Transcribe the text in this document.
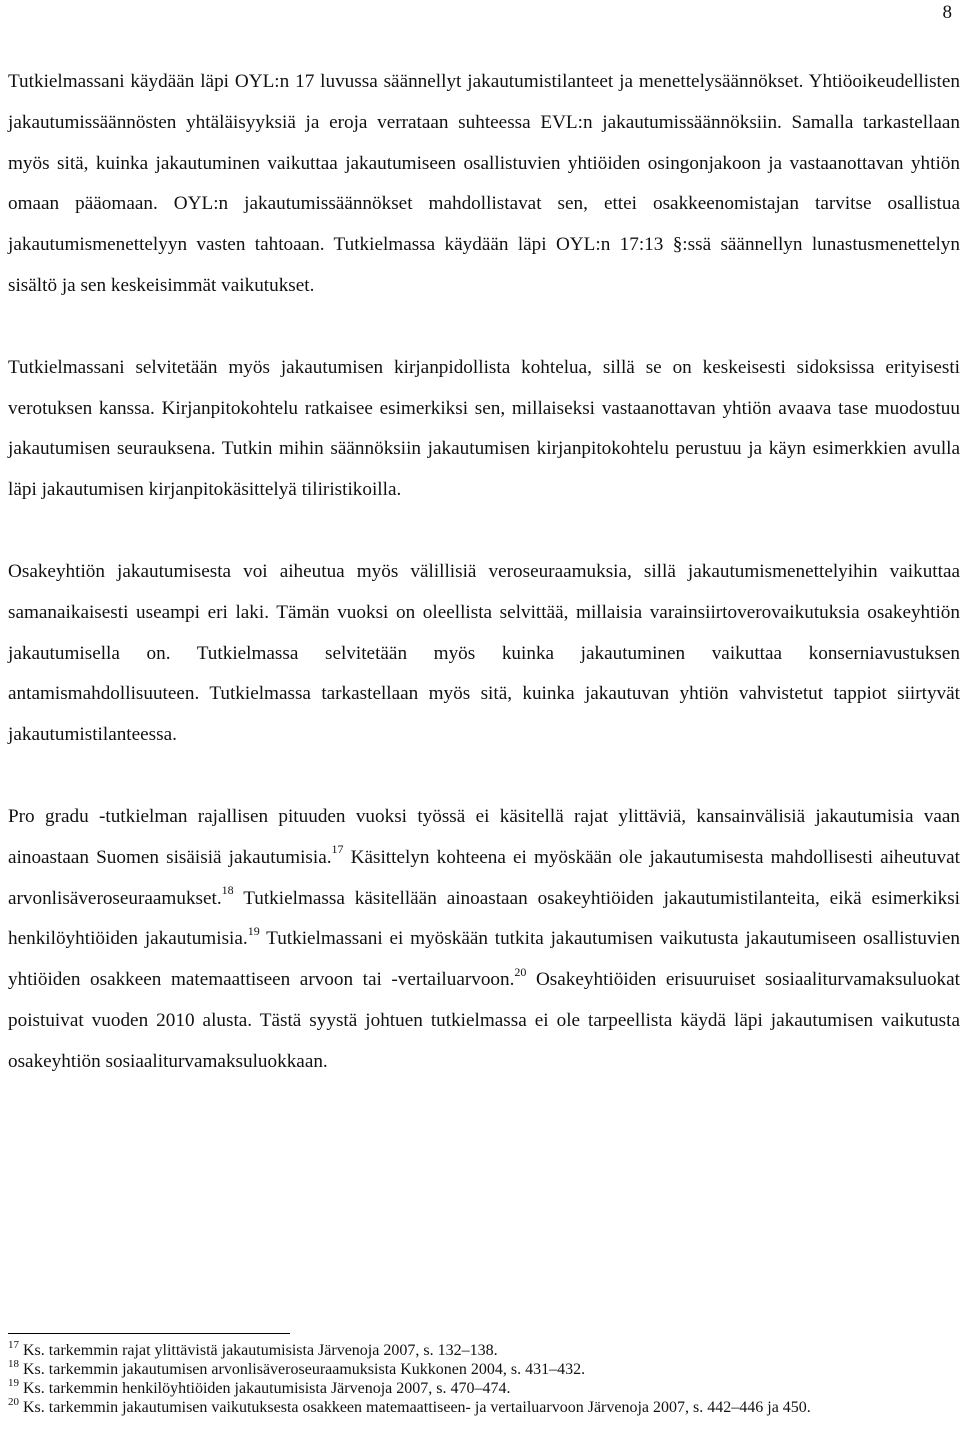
8

Tutkielmassani käydään läpi OYL:n 17 luvussa säännellyt jakautumistilanteet ja menettelysäännökset. Yhtiöoikeudellisten jakautumissäännösten yhtäläisyyksiä ja eroja verrataan suhteessa EVL:n jakautumissäännöksiin. Samalla tarkastellaan myös sitä, kuinka jakautuminen vaikuttaa jakautumiseen osallistuvien yhtiöiden osingonjakoon ja vastaanottavan yhtiön omaan pääomaan. OYL:n jakautumissäännökset mahdollistavat sen, ettei osakkeenomistajan tarvitse osallistua jakautumismenettelyyn vasten tahtoaan. Tutkielmassa käydään läpi OYL:n 17:13 §:ssä säännellyn lunastusmenettelyn sisältö ja sen keskeisimmät vaikutukset.

Tutkielmassani selvitetään myös jakautumisen kirjanpidollista kohtelua, sillä se on keskeisesti sidoksissa erityisesti verotuksen kanssa. Kirjanpitokohtelu ratkaisee esimerkiksi sen, millaiseksi vastaanottavan yhtiön avaava tase muodostuu jakautumisen seurauksena. Tutkin mihin säännöksiin jakautumisen kirjanpitokohtelu perustuu ja käyn esimerkkien avulla läpi jakautumisen kirjanpitokäsittelyä tiliristikoilla.

Osakeyhtiön jakautumisesta voi aiheutua myös välillisiä veroseuraamuksia, sillä jakautumismenettelyihin vaikuttaa samanaikaisesti useampi eri laki. Tämän vuoksi on oleellista selvittää, millaisia varainsiirtoverovaikutuksia osakeyhtiön jakautumisella on. Tutkielmassa selvitetään myös kuinka jakautuminen vaikuttaa konserniavustuksen antamismahdollisuuteen. Tutkielmassa tarkastellaan myös sitä, kuinka jakautuvan yhtiön vahvistetut tappiot siirtyvät jakautumistilanteessa.

Pro gradu -tutkielman rajallisen pituuden vuoksi työssä ei käsitellä rajat ylittäviä, kansainvälisiä jakautumisia vaan ainoastaan Suomen sisäisiä jakautumisia.$^{17}$ Käsittelyn kohteena ei myöskään ole jakautumisesta mahdollisesti aiheutuvat arvonlisäveroseuraamukset.$^{18}$ Tutkielmassa käsitellään ainoastaan osakeyhtiöiden jakautumistilanteita, eikä esimerkiksi henkilöyhtiöiden jakautumisia.$^{19}$ Tutkielmassani ei myöskään tutkita jakautumisen vaikutusta jakautumiseen osallistuvien yhtiöiden osakkeen matemaattiseen arvoon tai -vertailuarvoon.$^{20}$ Osakeyhtiöiden erisuuruiset sosiaaliturvamaksuluokat poistuivat vuoden 2010 alusta. Tästä syystä johtuen tutkielmassa ei ole tarpeellista käydä läpi jakautumisen vaikutusta osakeyhtiön sosiaaliturvamaksuluokkaan.

$^{17}$ Ks. tarkemmin rajat ylittävistä jakautumisista Järvenoja 2007, s. 132–138.

$^{18}$ Ks. tarkemmin jakautumisen arvonlisäveroseuraamuksista Kukkonen 2004, s. 431–432.

$^{19}$ Ks. tarkemmin henkilöyhtiöiden jakautumisista Järvenoja 2007, s. 470–474.

$^{20}$ Ks. tarkemmin jakautumisen vaikutuksesta osakkeen matemaattiseen- ja vertailuarvoon Järvenoja 2007, s. 442–446 ja 450.
